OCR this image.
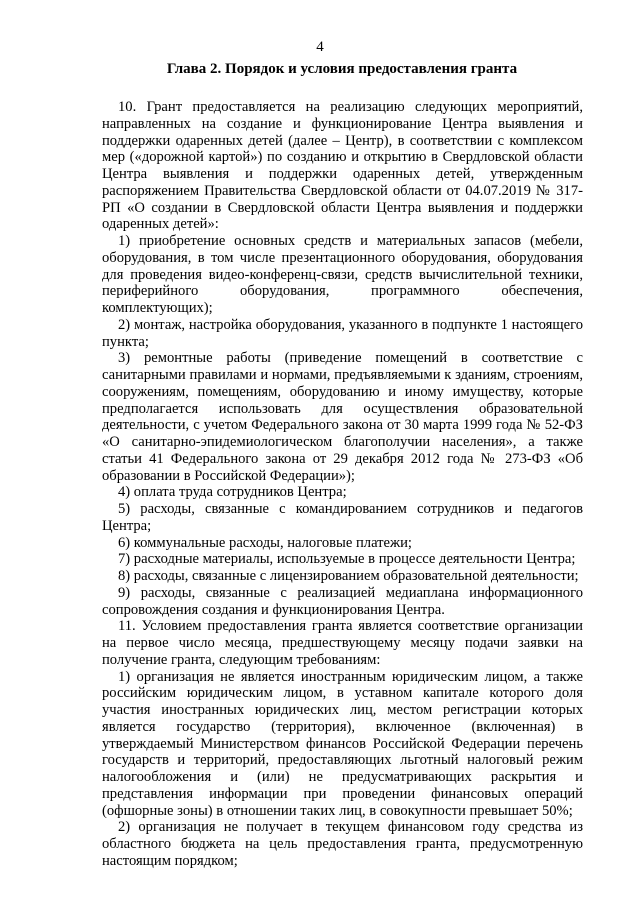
4
Глава 2. Порядок и условия предоставления гранта

10. Грант предоставляется на реализацию следующих мероприятий, направленных на создание и функционирование Центра выявления и поддержки одаренных детей (далее – Центр), в соответствии с комплексом мер («дорожной картой») по созданию и открытию в Свердловской области Центра выявления и поддержки одаренных детей, утвержденным распоряжением Правительства Свердловской области от 04.07.2019 № 317-РП «О создании в Свердловской области Центра выявления и поддержки одаренных детей»:

1) приобретение основных средств и материальных запасов (мебели, оборудования, в том числе презентационного оборудования, оборудования для проведения видео-конференц-связи, средств вычислительной техники, периферийного оборудования, программного обеспечения, комплектующих);

2) монтаж, настройка оборудования, указанного в подпункте 1 настоящего пункта;

3) ремонтные работы (приведение помещений в соответствие с санитарными правилами и нормами, предъявляемыми к зданиям, строениям, сооружениям, помещениям, оборудованию и иному имуществу, которые предполагается использовать для осуществления образовательной деятельности, с учетом Федерального закона от 30 марта 1999 года № 52-ФЗ «О санитарно-эпидемиологическом благополучии населения», а также статьи 41 Федерального закона от 29 декабря 2012 года № 273-ФЗ «Об образовании в Российской Федерации»);

4) оплата труда сотрудников Центра;

5) расходы, связанные с командированием сотрудников и педагогов Центра;

6) коммунальные расходы, налоговые платежи;

7) расходные материалы, используемые в процессе деятельности Центра;

8) расходы, связанные с лицензированием образовательной деятельности;

9) расходы, связанные с реализацией медиаплана информационного сопровождения создания и функционирования Центра.

11. Условием предоставления гранта является соответствие организации на первое число месяца, предшествующему месяцу подачи заявки на получение гранта, следующим требованиям:

1) организация не является иностранным юридическим лицом, а также российским юридическим лицом, в уставном капитале которого доля участия иностранных юридических лиц, местом регистрации которых является государство (территория), включенное (включенная) в утверждаемый Министерством финансов Российской Федерации перечень государств и территорий, предоставляющих льготный налоговый режим налогообложения и (или) не предусматривающих раскрытия и представления информации при проведении финансовых операций (офшорные зоны) в отношении таких лиц, в совокупности превышает 50%;

2) организация не получает в текущем финансовом году средства из областного бюджета на цель предоставления гранта, предусмотренную настоящим порядком;
